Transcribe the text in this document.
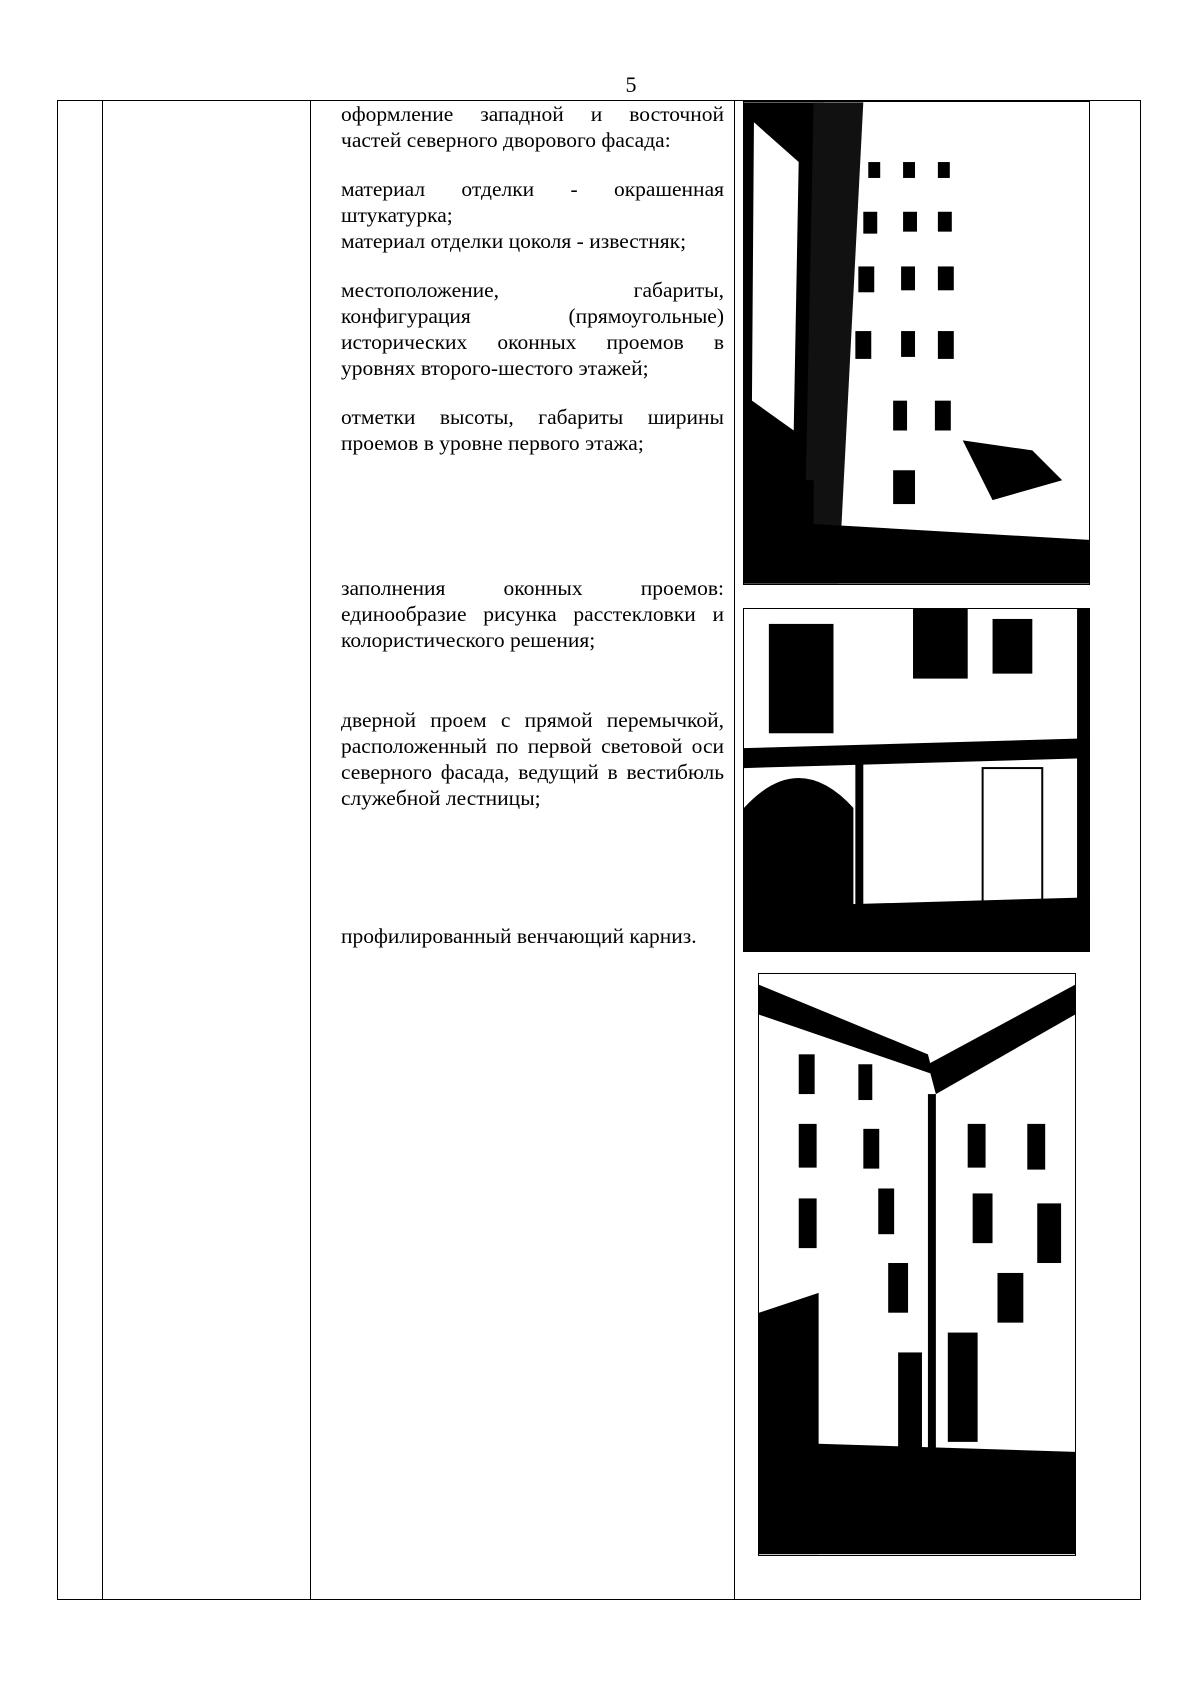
5

оформление западной и восточной частей северного дворового фасада:

материал отделки - окрашенная штукатурка;

материал отделки цоколя - известняк;

местоположение, габариты, конфигурация (прямоугольные) исторических оконных проемов в уровнях второго-шестого этажей;

отметки высоты, габариты ширины проемов в уровне первого этажа;

заполнения оконных проемов: единообразие рисунка расстекловки и колористического решения;

дверной проем с прямой перемычкой, расположенный по первой световой оси северного фасада, ведущий в вестибюль служебной лестницы;

профилированный венчающий карниз.
